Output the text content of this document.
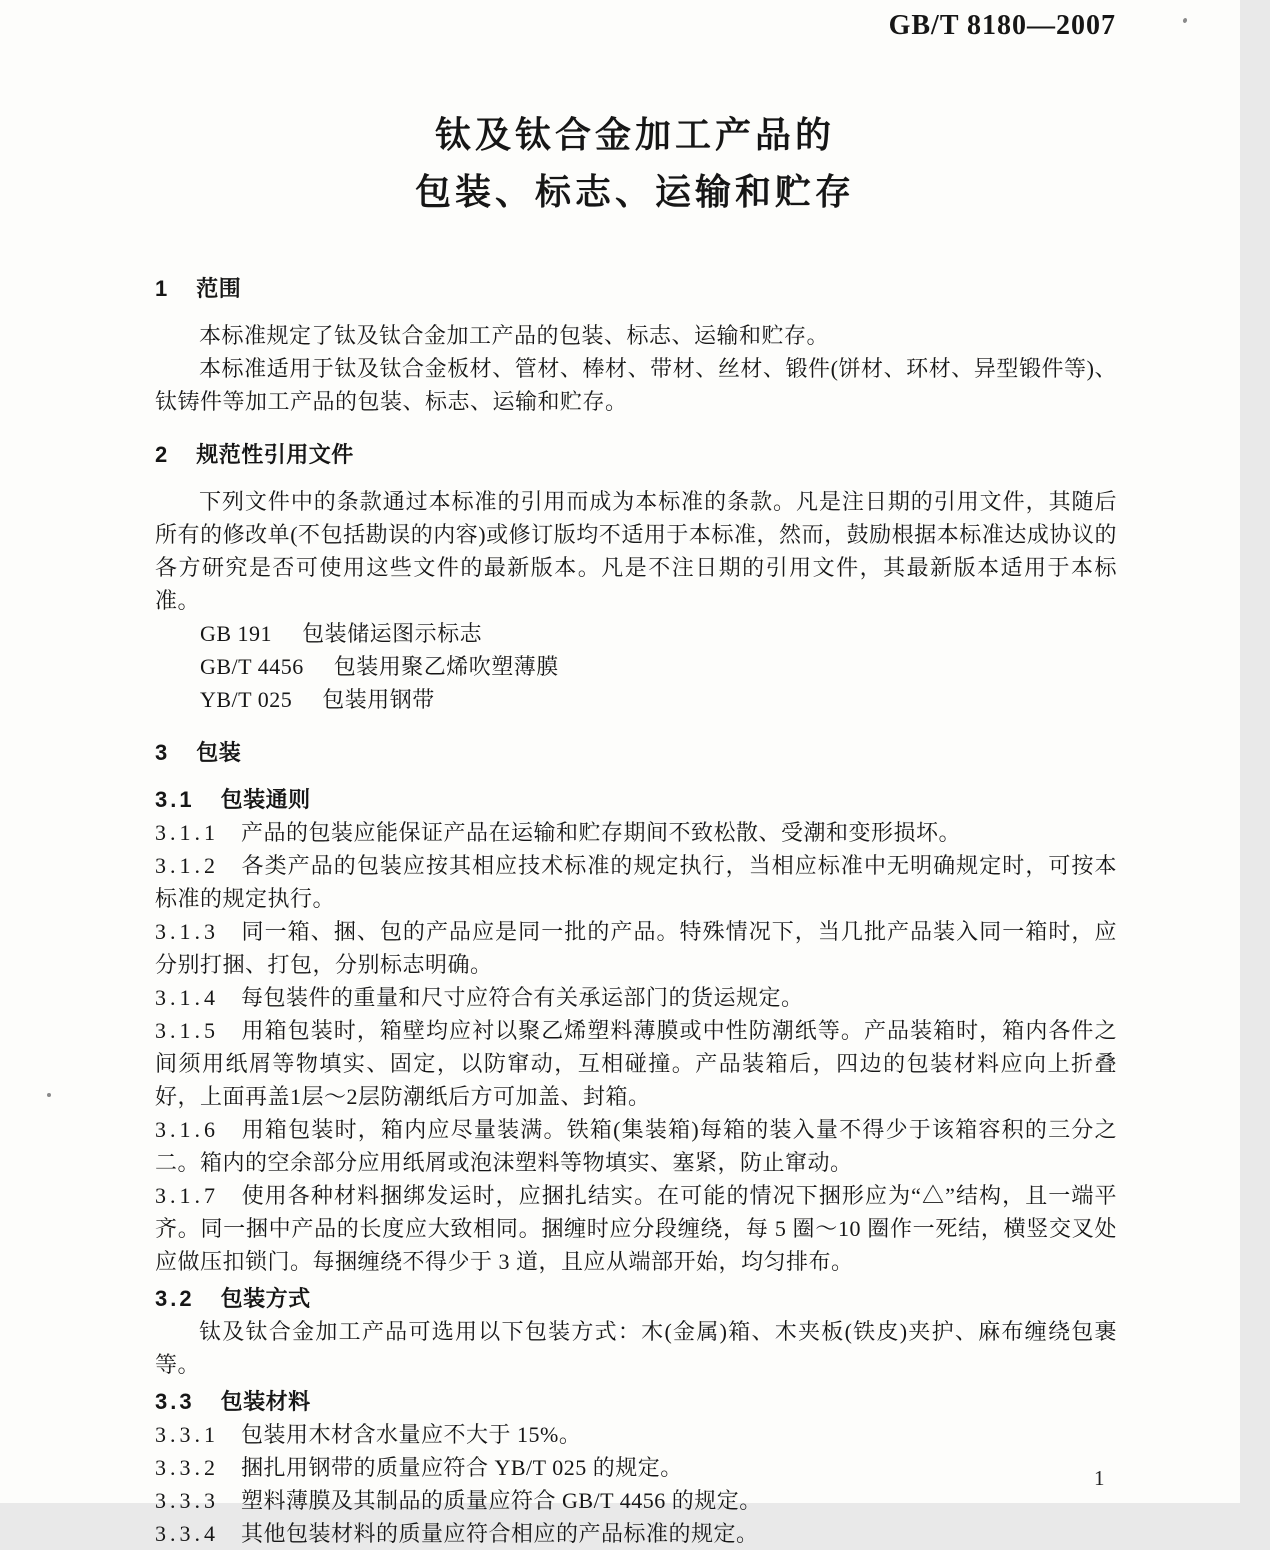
GB/T 8180—2007
钛及钛合金加工产品的
包装、标志、运输和贮存

1 范围

本标准规定了钛及钛合金加工产品的包装、标志、运输和贮存。

本标准适用于钛及钛合金板材、管材、棒材、带材、丝材、锻件(饼材、环材、异型锻件等)、钛铸件等加工产品的包装、标志、运输和贮存。

2 规范性引用文件

下列文件中的条款通过本标准的引用而成为本标准的条款。凡是注日期的引用文件，其随后所有的修改单(不包括勘误的内容)或修订版均不适用于本标准，然而，鼓励根据本标准达成协议的各方研究是否可使用这些文件的最新版本。凡是不注日期的引用文件，其最新版本适用于本标准。

GB 191 包装储运图示标志

GB/T 4456 包装用聚乙烯吹塑薄膜

YB/T 025 包装用钢带

3 包装

3.1 包装通则

3.1.1 产品的包装应能保证产品在运输和贮存期间不致松散、受潮和变形损坏。

3.1.2 各类产品的包装应按其相应技术标准的规定执行，当相应标准中无明确规定时，可按本标准的规定执行。

3.1.3 同一箱、捆、包的产品应是同一批的产品。特殊情况下，当几批产品装入同一箱时，应分别打捆、打包，分别标志明确。

3.1.4 每包装件的重量和尺寸应符合有关承运部门的货运规定。

3.1.5 用箱包装时，箱壁均应衬以聚乙烯塑料薄膜或中性防潮纸等。产品装箱时，箱内各件之间须用纸屑等物填实、固定，以防窜动，互相碰撞。产品装箱后，四边的包装材料应向上折叠好，上面再盖1层～2层防潮纸后方可加盖、封箱。

3.1.6 用箱包装时，箱内应尽量装满。铁箱(集装箱)每箱的装入量不得少于该箱容积的三分之二。箱内的空余部分应用纸屑或泡沫塑料等物填实、塞紧，防止窜动。

3.1.7 使用各种材料捆绑发运时，应捆扎结实。在可能的情况下捆形应为“△”结构，且一端平齐。同一捆中产品的长度应大致相同。捆缠时应分段缠绕，每 5 圈～10 圈作一死结，横竖交叉处应做压扣锁门。每捆缠绕不得少于 3 道，且应从端部开始，均匀排布。

3.2 包装方式

钛及钛合金加工产品可选用以下包装方式：木(金属)箱、木夹板(铁皮)夹护、麻布缠绕包裹等。

3.3 包装材料

3.3.1 包装用木材含水量应不大于 15%。

3.3.2 捆扎用钢带的质量应符合 YB/T 025 的规定。

3.3.3 塑料薄膜及其制品的质量应符合 GB/T 4456 的规定。

3.3.4 其他包装材料的质量应符合相应的产品标准的规定。

1
